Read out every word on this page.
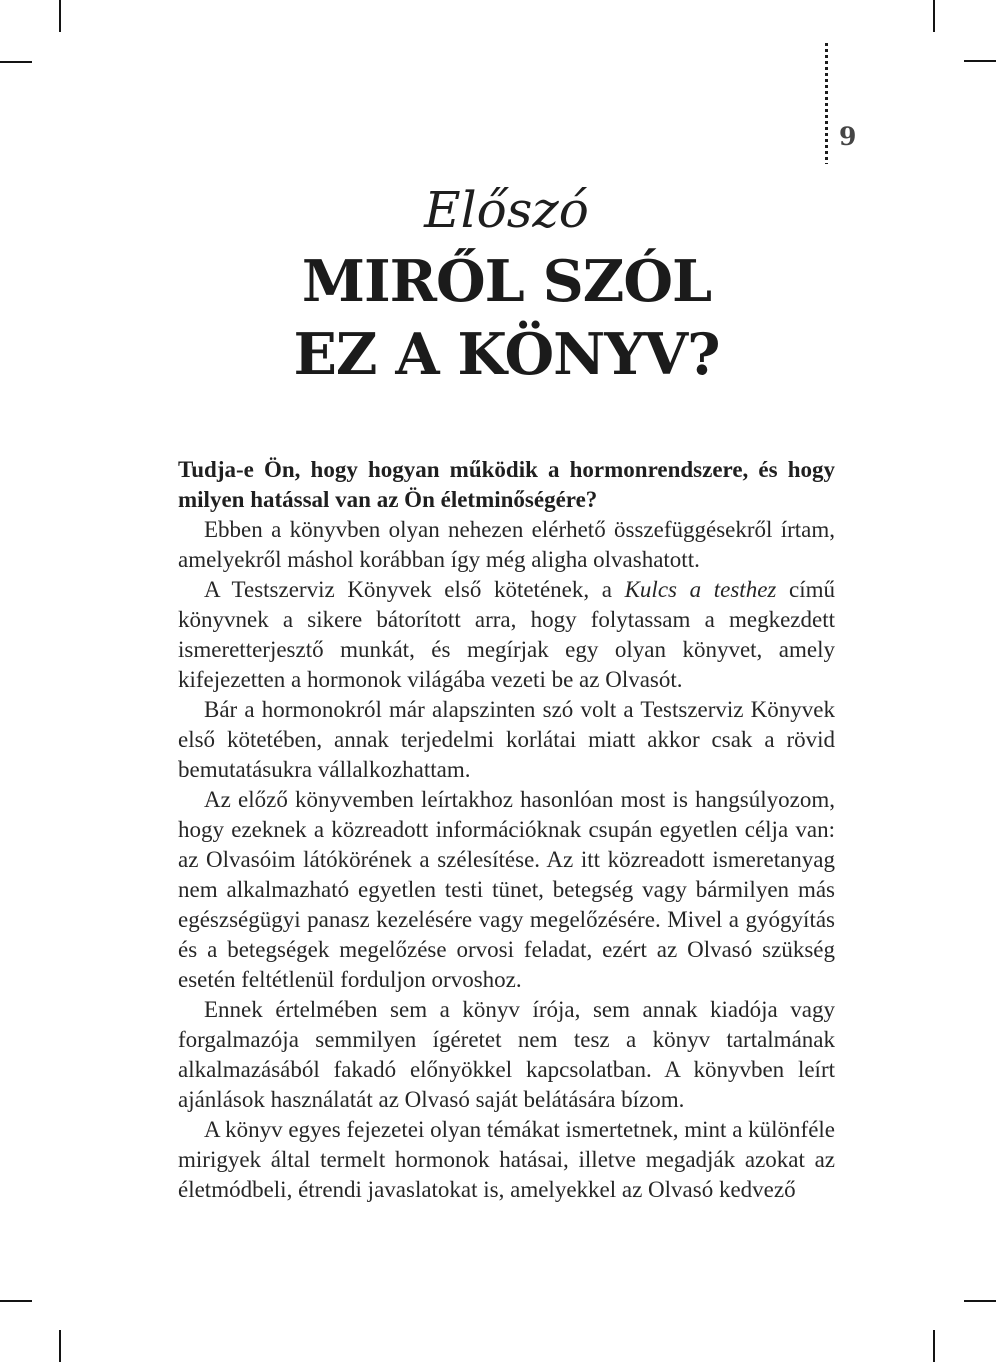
9
Előszó
MIRŐL SZÓL
EZ A KÖNYV?

Tudja-e Ön, hogy hogyan működik a hormonrendszere, és hogy milyen hatással van az Ön életminőségére?

Ebben a könyvben olyan nehezen elérhető összefüggésekről írtam, amelyekről máshol korábban így még aligha olvashatott.

A Testszerviz Könyvek első kötetének, a Kulcs a testhez című könyvnek a sikere bátorított arra, hogy folytassam a megkezdett ismeretterjesztő munkát, és megírjak egy olyan könyvet, amely kifejezetten a hormonok világába vezeti be az Olvasót.

Bár a hormonokról már alapszinten szó volt a Testszerviz Könyvek első kötetében, annak terjedelmi korlátai miatt akkor csak a rövid bemutatásukra vállalkozhattam.

Az előző könyvemben leírtakhoz hasonlóan most is hangsúlyozom, hogy ezeknek a közreadott információknak csupán egyetlen célja van: az Olvasóim látókörének a szélesítése. Az itt közreadott ismeretanyag nem alkalmazható egyetlen testi tünet, betegség vagy bármilyen más egészségügyi panasz kezelésére vagy megelőzésére. Mivel a gyógyítás és a betegségek megelőzése orvosi feladat, ezért az Olvasó szükség esetén feltétlenül forduljon orvoshoz.

Ennek értelmében sem a könyv írója, sem annak kiadója vagy forgalmazója semmilyen ígéretet nem tesz a könyv tartalmának alkalmazásából fakadó előnyökkel kapcsolatban. A könyvben leírt ajánlások használatát az Olvasó saját belátására bízom.

A könyv egyes fejezetei olyan témákat ismertetnek, mint a különféle mirigyek által termelt hormonok hatásai, illetve megadják azokat az életmódbeli, étrendi javaslatokat is, amelyekkel az Olvasó kedvező
